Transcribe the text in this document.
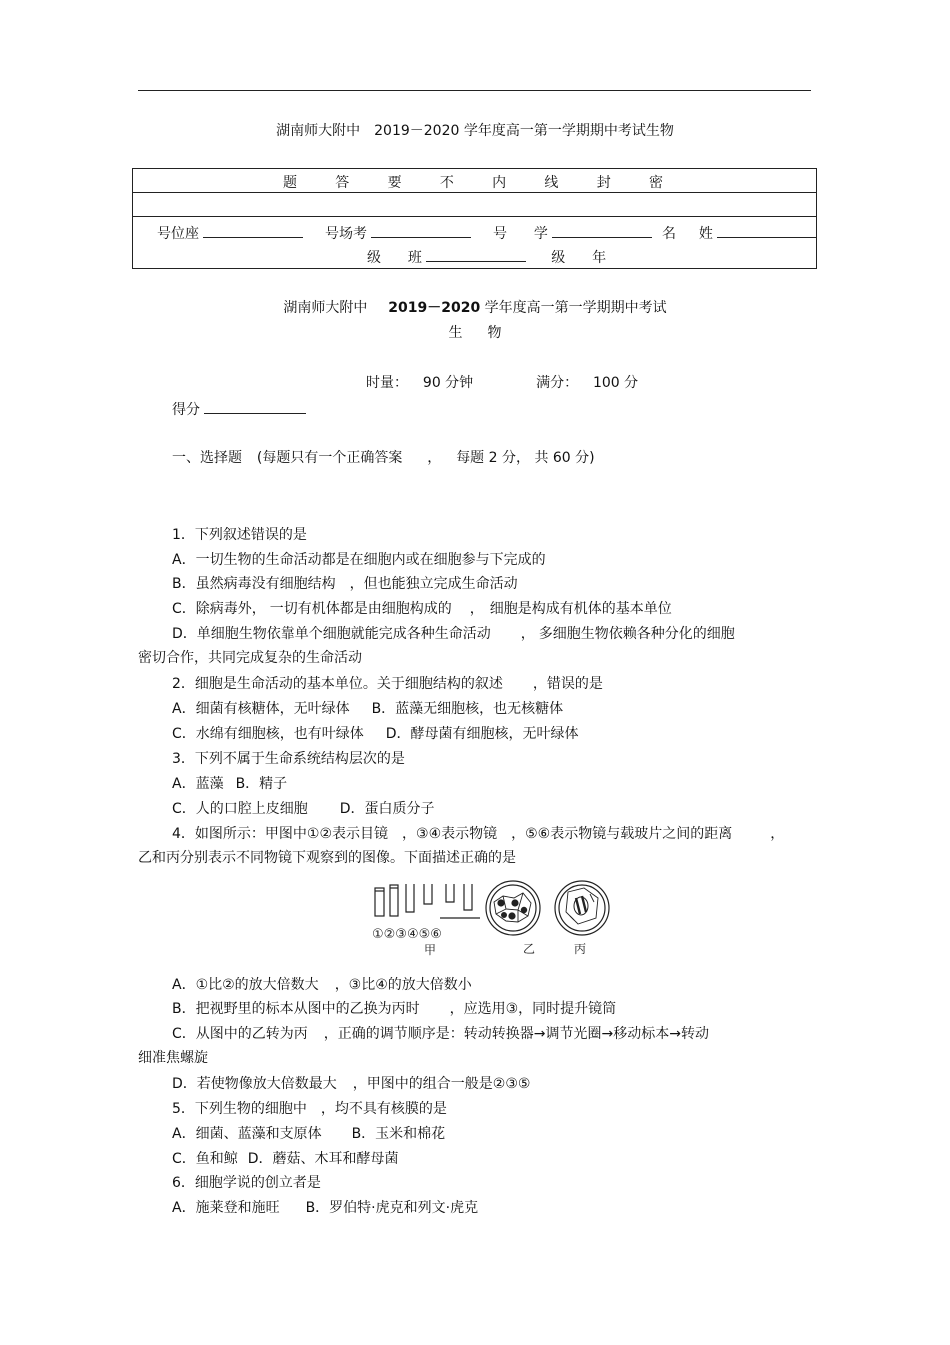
湖南师大附中　2019－2020 学年度高一第一学期期中考试生物
题	答	要	不	内	线	封	密
号位座	号场考	号 学	名 姓
级 班	级 年
湖南师大附中 2019－2020 学年度高一第一学期期中考试
生 物
时量： 90 分钟	满分： 100 分
得分
一、选择题 (每题只有一个正确答案 ， 每题 2 分， 共 60 分)
1．下列叙述错误的是
A．一切生物的生命活动都是在细胞内或在细胞参与下完成的
B．虽然病毒没有细胞结构 ，但也能独立完成生命活动
C．除病毒外， 一切有机体都是由细胞构成的 ， 细胞是构成有机体的基本单位
D．单细胞生物依靠单个细胞就能完成各种生命活动 ， 多细胞生物依赖各种分化的细胞
密切合作，共同完成复杂的生命活动
2．细胞是生命活动的基本单位。关于细胞结构的叙述 ，错误的是
A．细菌有核糖体，无叶绿体 B．蓝藻无细胞核，也无核糖体
C．水绵有细胞核，也有叶绿体 D．酵母菌有细胞核，无叶绿体
3．下列不属于生命系统结构层次的是
A．蓝藻 B．精子
C．人的口腔上皮细胞 D．蛋白质分子
4．如图所示：甲图中①②表示目镜 ，③④表示物镜 ，⑤⑥表示物镜与载玻片之间的距离	，
乙和丙分别表示不同物镜下观察到的图像。下面描述正确的是
①②③④⑤⑥
甲	乙	丙
A．①比②的放大倍数大 ，③比④的放大倍数小
B．把视野里的标本从图中的乙换为丙时 ，应选用③，同时提升镜筒
C．从图中的乙转为丙 ，正确的调节顺序是：转动转换器→调节光圈→移动标本→转动
细准焦螺旋
D．若使物像放大倍数最大 ，甲图中的组合一般是②③⑤
5．下列生物的细胞中 ，均不具有核膜的是
A．细菌、蓝藻和支原体 B．玉米和棉花
C．鱼和鲸 D．蘑菇、木耳和酵母菌
6．细胞学说的创立者是
A．施莱登和施旺 B．罗伯特·虎克和列文·虎克
